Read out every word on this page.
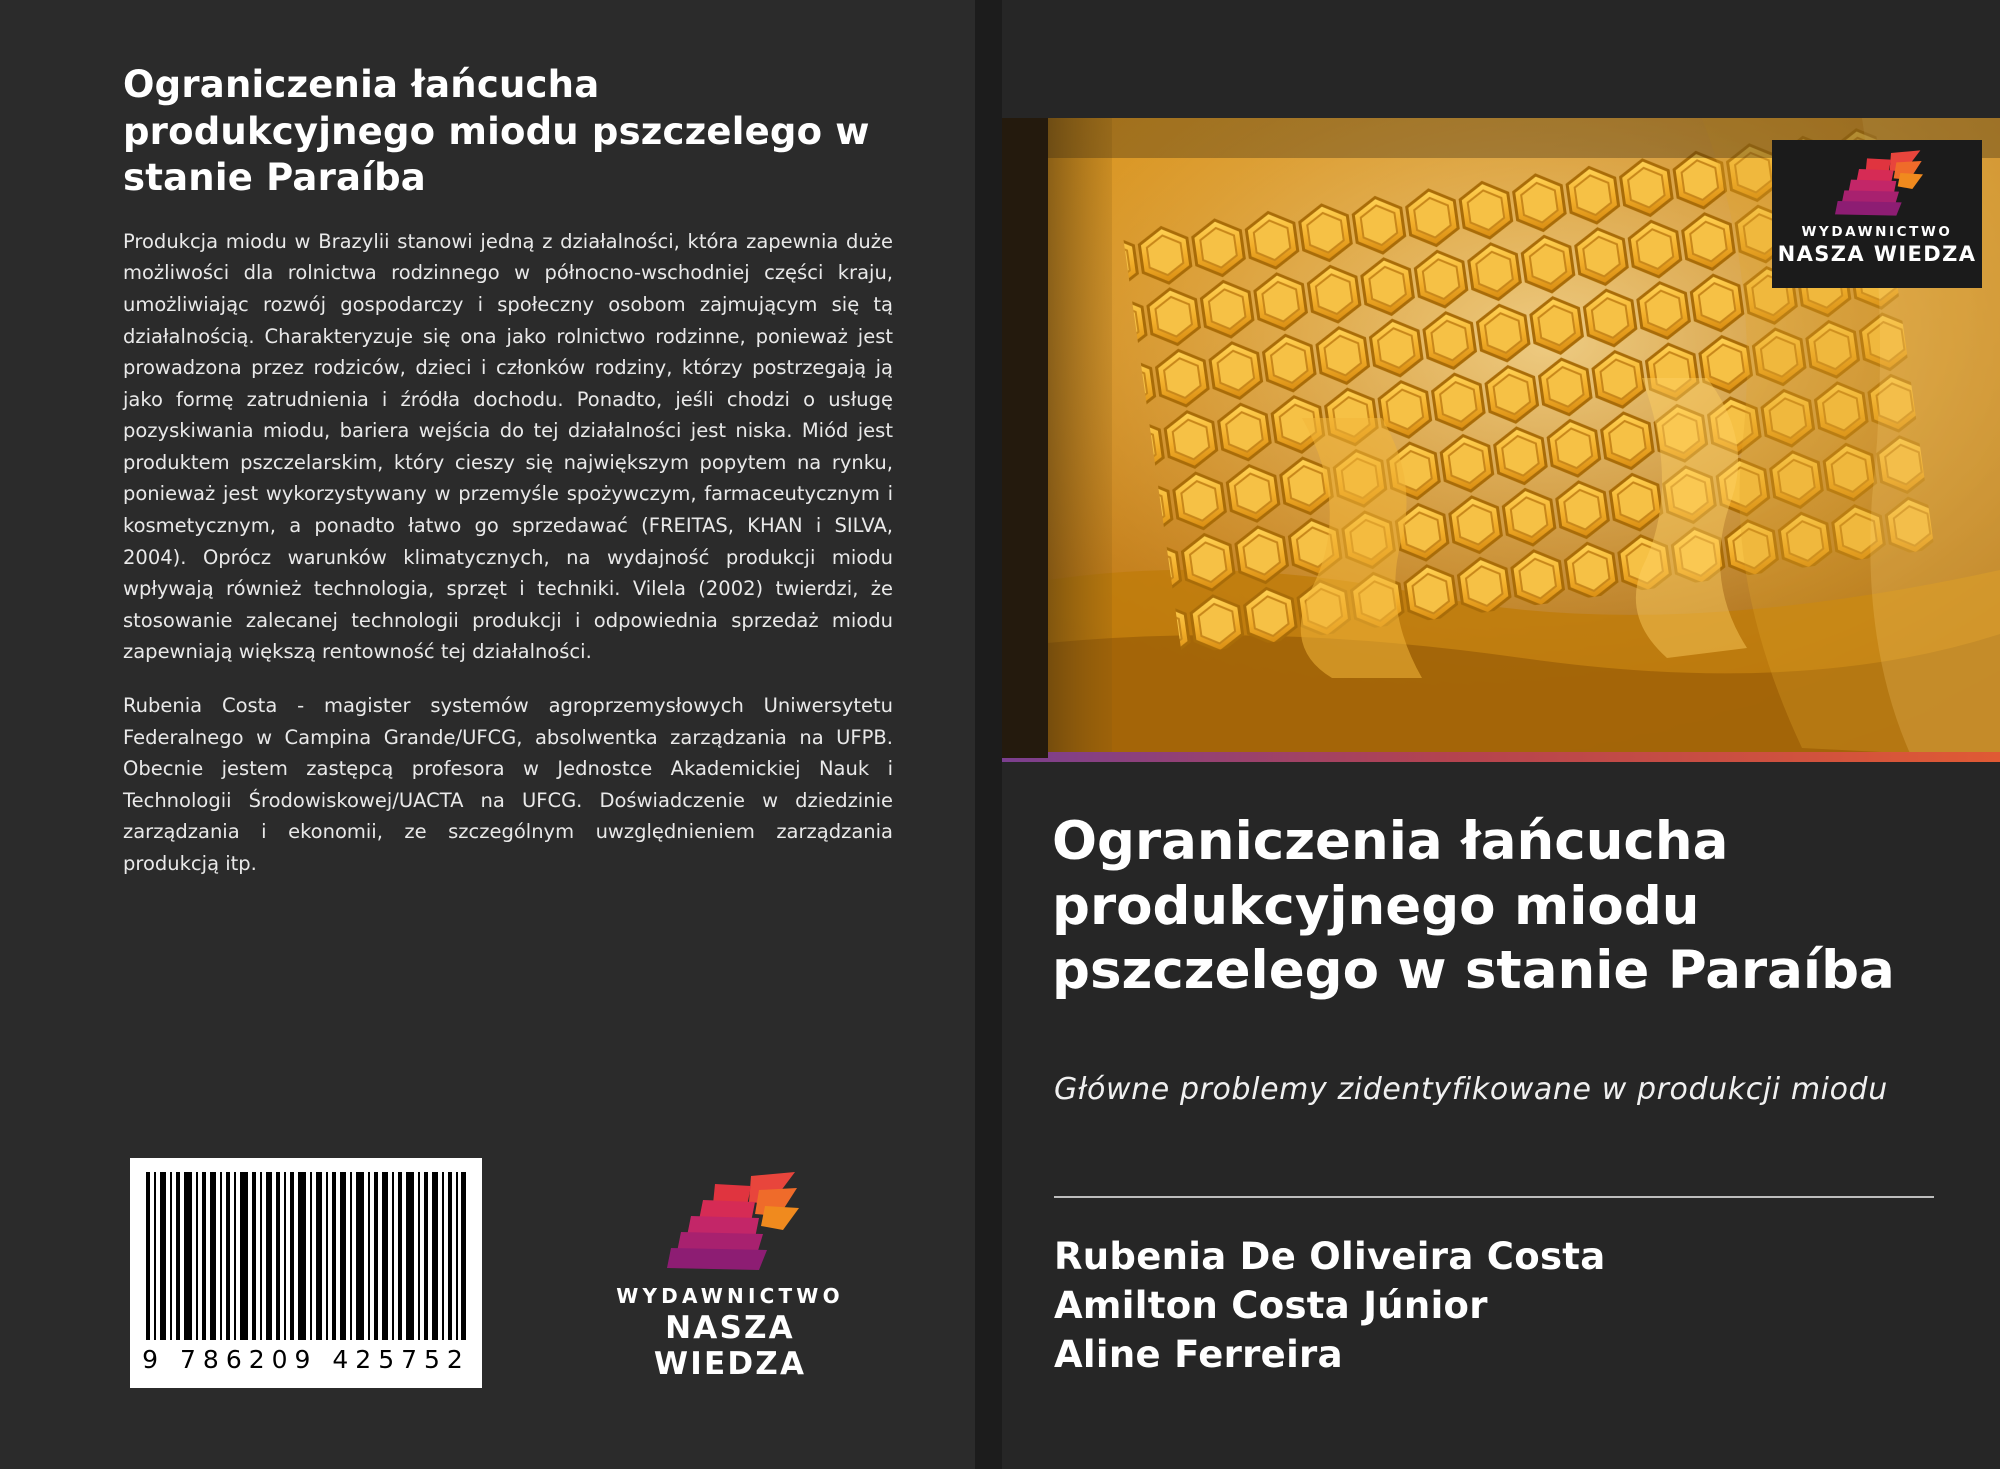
Ograniczenia łańcucha produkcyjnego miodu pszczelego w stanie Paraíba

Produkcja miodu w Brazylii stanowi jedną z działalności, która zapewnia duże możliwości dla rolnictwa rodzinnego w północno-wschodniej części kraju, umożliwiając rozwój gospodarczy i społeczny osobom zajmującym się tą działalnością. Charakteryzuje się ona jako rolnictwo rodzinne, ponieważ jest prowadzona przez rodziców, dzieci i członków rodziny, którzy postrzegają ją jako formę zatrudnienia i źródła dochodu. Ponadto, jeśli chodzi o usługę pozyskiwania miodu, bariera wejścia do tej działalności jest niska. Miód jest produktem pszczelarskim, który cieszy się największym popytem na rynku, ponieważ jest wykorzystywany w przemyśle spożywczym, farmaceutycznym i kosmetycznym, a ponadto łatwo go sprzedawać (FREITAS, KHAN i SILVA, 2004). Oprócz warunków klimatycznych, na wydajność produkcji miodu wpływają również technologia, sprzęt i techniki. Vilela (2002) twierdzi, że stosowanie zalecanej technologii produkcji i odpowiednia sprzedaż miodu zapewniają większą rentowność tej działalności.

Rubenia Costa - magister systemów agroprzemysłowych Uniwersytetu Federalnego w Campina Grande/UFCG, absolwentka zarządzania na UFPB. Obecnie jestem zastępcą profesora w Jednostce Akademickiej Nauk i Technologii Środowiskowej/UACTA na UFCG. Doświadczenie w dziedzinie zarządzania i ekonomii, ze szczególnym uwzględnieniem zarządzania produkcją itp.
9 786209 425752
WYDAWNICTWO
NASZA WIEDZA
WYDAWNICTWO
NASZA WIEDZA
Ograniczenia łańcucha produkcyjnego miodu pszczelego w stanie Paraíba
Główne problemy zidentyfikowane w produkcji miodu
Rubenia De Oliveira Costa
Amilton Costa Júnior
Aline Ferreira
